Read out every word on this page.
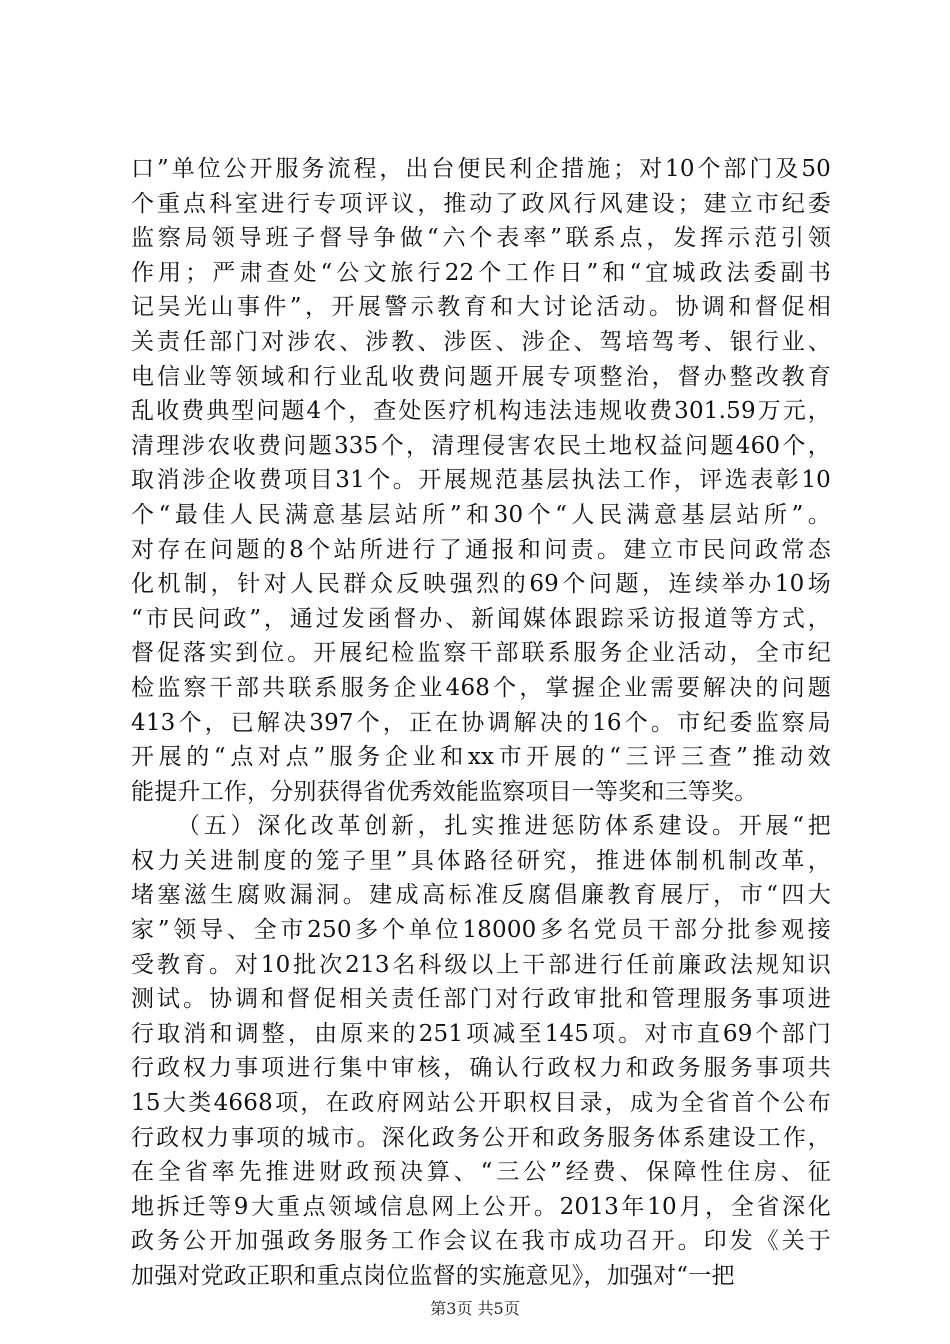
口”单位公开服务流程，出台便民利企措施；对10个部门及50
个重点科室进行专项评议，推动了政风行风建设；建立市纪委
监察局领导班子督导争做“六个表率”联系点，发挥示范引领
作用；严肃查处“公文旅行22个工作日”和“宜城政法委副书
记吴光山事件”，开展警示教育和大讨论活动。协调和督促相
关责任部门对涉农、涉教、涉医、涉企、驾培驾考、银行业、
电信业等领域和行业乱收费问题开展专项整治，督办整改教育
乱收费典型问题4个，查处医疗机构违法违规收费301.59万元，
清理涉农收费问题335个，清理侵害农民土地权益问题460个，
取消涉企收费项目31个。开展规范基层执法工作，评选表彰10
个“最佳人民满意基层站所”和30个“人民满意基层站所”。
对存在问题的8个站所进行了通报和问责。建立市民问政常态
化机制，针对人民群众反映强烈的69个问题，连续举办10场
“市民问政”，通过发函督办、新闻媒体跟踪采访报道等方式，
督促落实到位。开展纪检监察干部联系服务企业活动，全市纪
检监察干部共联系服务企业468个，掌握企业需要解决的问题
413个，已解决397个，正在协调解决的16个。市纪委监察局
开展的“点对点”服务企业和xx市开展的“三评三查”推动效
能提升工作，分别获得省优秀效能监察项目一等奖和三等奖。
（五）深化改革创新，扎实推进惩防体系建设。开展“把
权力关进制度的笼子里”具体路径研究，推进体制机制改革，
堵塞滋生腐败漏洞。建成高标准反腐倡廉教育展厅，市“四大
家”领导、全市250多个单位18000多名党员干部分批参观接
受教育。对10批次213名科级以上干部进行任前廉政法规知识
测试。协调和督促相关责任部门对行政审批和管理服务事项进
行取消和调整，由原来的251项减至145项。对市直69个部门
行政权力事项进行集中审核，确认行政权力和政务服务事项共
15大类4668项，在政府网站公开职权目录，成为全省首个公布
行政权力事项的城市。深化政务公开和政务服务体系建设工作，
在全省率先推进财政预决算、“三公”经费、保障性住房、征
地拆迁等9大重点领域信息网上公开。2013年10月，全省深化
政务公开加强政务服务工作会议在我市成功召开。印发《关于
加强对党政正职和重点岗位监督的实施意见》，加强对“一把
第3页 共5页
